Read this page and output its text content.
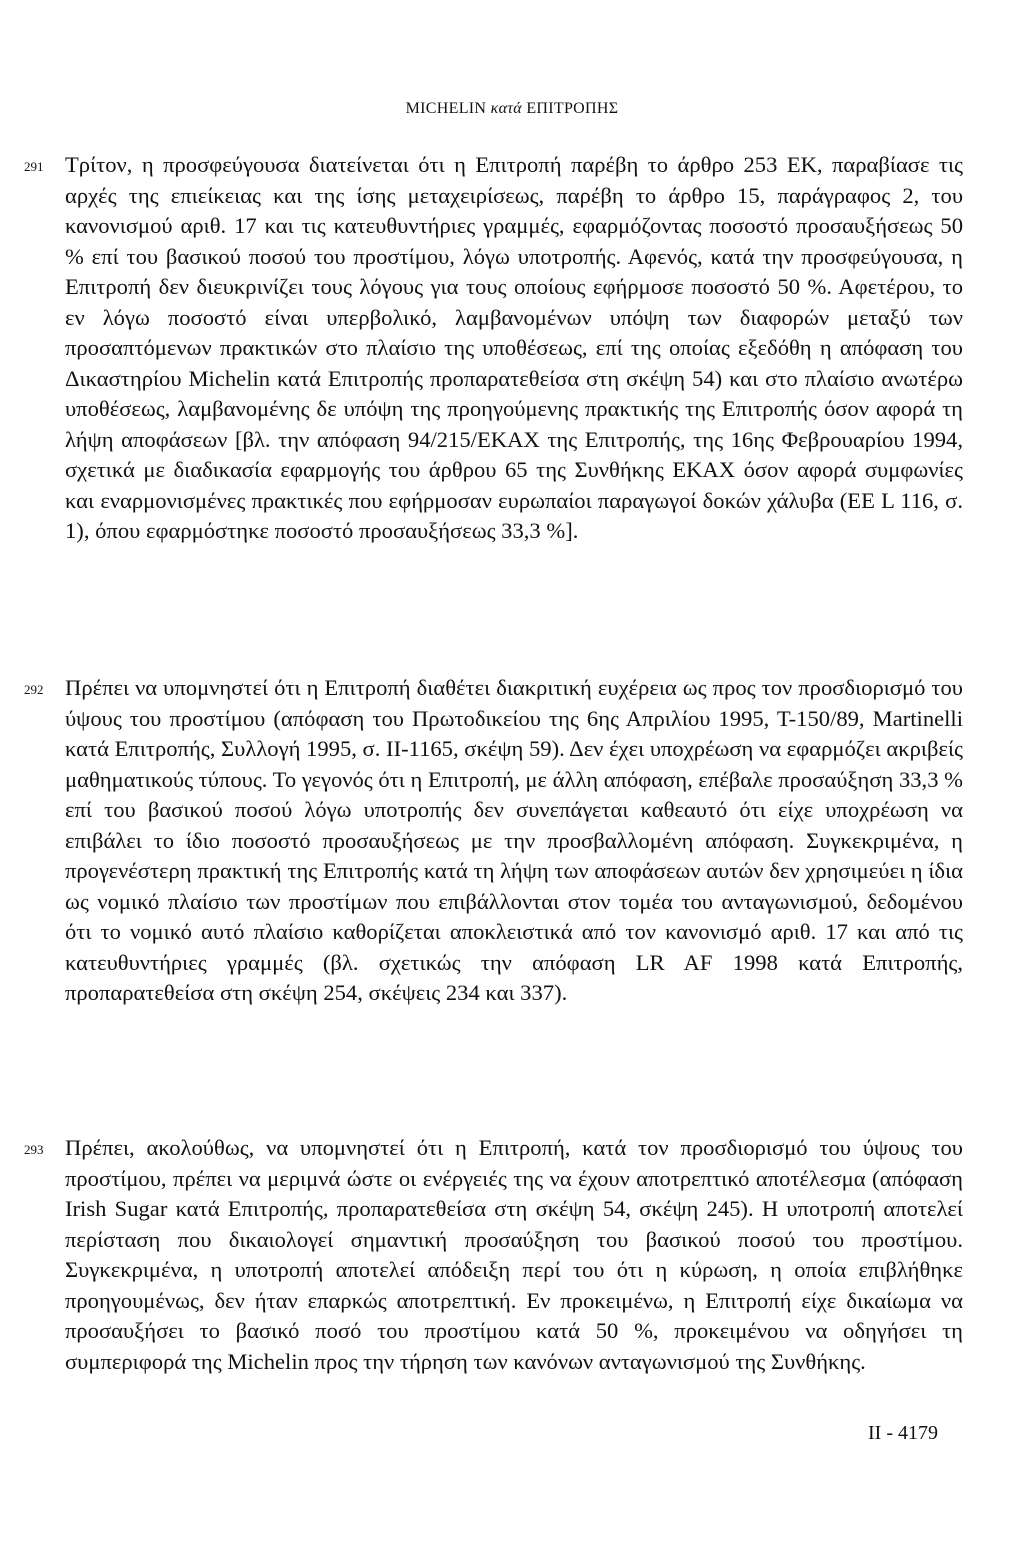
MICHELIN κατά ΕΠΙΤΡΟΠΗΣ
291 Τρίτον, η προσφεύγουσα διατείνεται ότι η Επιτροπή παρέβη το άρθρο 253 ΕΚ, παραβίασε τις αρχές της επιείκειας και της ίσης μεταχειρίσεως, παρέβη το άρθρο 15, παράγραφος 2, του κανονισμού αριθ. 17 και τις κατευθυντήριες γραμμές, εφαρμόζοντας ποσοστό προσαυξήσεως 50 % επί του βασικού ποσού του προστίμου, λόγω υποτροπής. Αφενός, κατά την προσφεύγουσα, η Επιτροπή δεν διευκρινίζει τους λόγους για τους οποίους εφήρμοσε ποσοστό 50 %. Αφετέρου, το εν λόγω ποσοστό είναι υπερβολικό, λαμβανομένων υπόψη των διαφορών μεταξύ των προσαπτόμενων πρακτικών στο πλαίσιο της υποθέσεως, επί της οποίας εξεδόθη η απόφαση του Δικαστηρίου Michelin κατά Επιτροπής προπαρατεθείσα στη σκέψη 54) και στο πλαίσιο ανωτέρω υποθέσεως, λαμβανομένης δε υπόψη της προηγούμενης πρακτικής της Επιτροπής όσον αφορά τη λήψη αποφάσεων [βλ. την απόφαση 94/215/ΕΚΑΧ της Επιτροπής, της 16ης Φεβρουαρίου 1994, σχετικά με διαδικασία εφαρμογής του άρθρου 65 της Συνθήκης ΕΚΑΧ όσον αφορά συμφωνίες και εναρμονισμένες πρακτικές που εφήρμοσαν ευρωπαίοι παραγωγοί δοκών χάλυβα (ΕΕ L 116, σ. 1), όπου εφαρμόστηκε ποσοστό προσαυξήσεως 33,3 %].
292 Πρέπει να υπομνηστεί ότι η Επιτροπή διαθέτει διακριτική ευχέρεια ως προς τον προσδιορισμό του ύψους του προστίμου (απόφαση του Πρωτοδικείου της 6ης Απριλίου 1995, Τ-150/89, Martinelli κατά Επιτροπής, Συλλογή 1995, σ. ΙΙ-1165, σκέψη 59). Δεν έχει υποχρέωση να εφαρμόζει ακριβείς μαθηματικούς τύπους. Το γεγονός ότι η Επιτροπή, με άλλη απόφαση, επέβαλε προσαύξηση 33,3 % επί του βασικού ποσού λόγω υποτροπής δεν συνεπάγεται καθεαυτό ότι είχε υποχρέωση να επιβάλει το ίδιο ποσοστό προσαυξήσεως με την προσβαλλομένη απόφαση. Συγκεκριμένα, η προγενέστερη πρακτική της Επιτροπής κατά τη λήψη των αποφάσεων αυτών δεν χρησιμεύει η ίδια ως νομικό πλαίσιο των προστίμων που επιβάλλονται στον τομέα του ανταγωνισμού, δεδομένου ότι το νομικό αυτό πλαίσιο καθορίζεται αποκλειστικά από τον κανονισμό αριθ. 17 και από τις κατευθυντήριες γραμμές (βλ. σχετικώς την απόφαση LR AF 1998 κατά Επιτροπής, προπαρατεθείσα στη σκέψη 254, σκέψεις 234 και 337).
293 Πρέπει, ακολούθως, να υπομνηστεί ότι η Επιτροπή, κατά τον προσδιορισμό του ύψους του προστίμου, πρέπει να μεριμνά ώστε οι ενέργειές της να έχουν αποτρεπτικό αποτέλεσμα (απόφαση Irish Sugar κατά Επιτροπής, προπαρατεθείσα στη σκέψη 54, σκέψη 245). Η υποτροπή αποτελεί περίσταση που δικαιολογεί σημαντική προσαύξηση του βασικού ποσού του προστίμου. Συγκεκριμένα, η υποτροπή αποτελεί απόδειξη περί του ότι η κύρωση, η οποία επιβλήθηκε προηγουμένως, δεν ήταν επαρκώς αποτρεπτική. Εν προκειμένω, η Επιτροπή είχε δικαίωμα να προσαυξήσει το βασικό ποσό του προστίμου κατά 50 %, προκειμένου να οδηγήσει τη συμπεριφορά της Michelin προς την τήρηση των κανόνων ανταγωνισμού της Συνθήκης.
II - 4179
